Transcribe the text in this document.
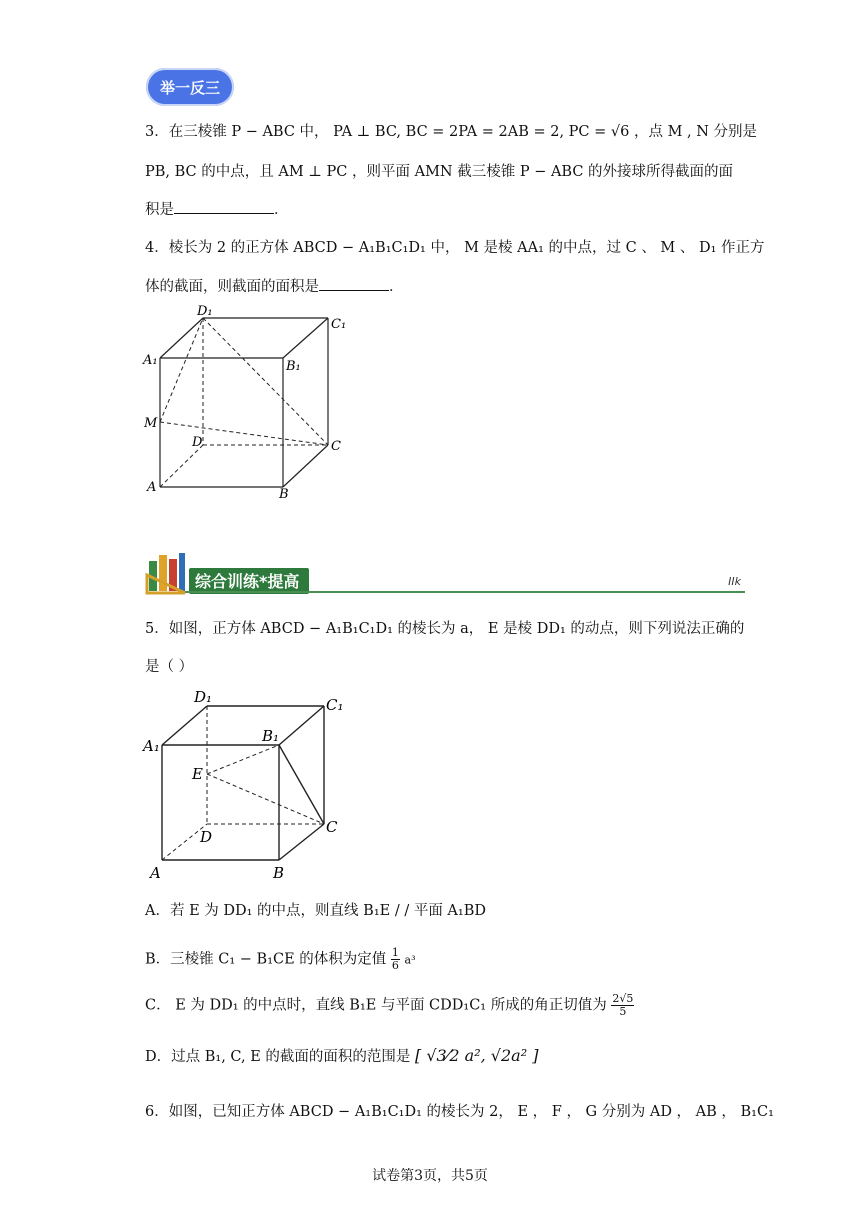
举一反三
3．在三棱锥 P − ABC 中， PA ⊥ BC, BC = 2PA = 2AB = 2, PC = √6 ，点 M , N 分别是
PB, BC 的中点，且 AM ⊥ PC ，则平面 AMN 截三棱锥 P − ABC 的外接球所得截面的面
积是	．
4．棱长为 2 的正方体 ABCD − A₁B₁C₁D₁ 中， M 是棱 AA₁ 的中点，过 C 、 M 、 D₁ 作正方
体的截面，则截面的面积是	．
D₁
C₁
A₁	B₁
M
D	C
A	B
综合训练*提高	IIk
5．如图，正方体 ABCD − A₁B₁C₁D₁ 的棱长为 a， E 是棱 DD₁ 的动点，则下列说法正确的
是（ ）
D₁	C₁
A₁
B₁
E
D
C
A	B
A．若 E 为 DD₁ 的中点，则直线 B₁E / / 平面 A₁BD
B．三棱锥 C₁ − B₁CE 的体积为定值 $\frac{1}{6} a^3$
C． E 为 DD₁ 的中点时，直线 B₁E 与平面 CDD₁C₁ 所成的角正切值为 $\frac{2√5}{5}$
D．过点 B₁, C, E 的截面的面积的范围是 [ √3⁄2 a², √2a² ]
6．如图，已知正方体 ABCD − A₁B₁C₁D₁ 的棱长为 2， E ， F ， G 分别为 AD ， AB ， B₁C₁
试卷第3页，共5页
